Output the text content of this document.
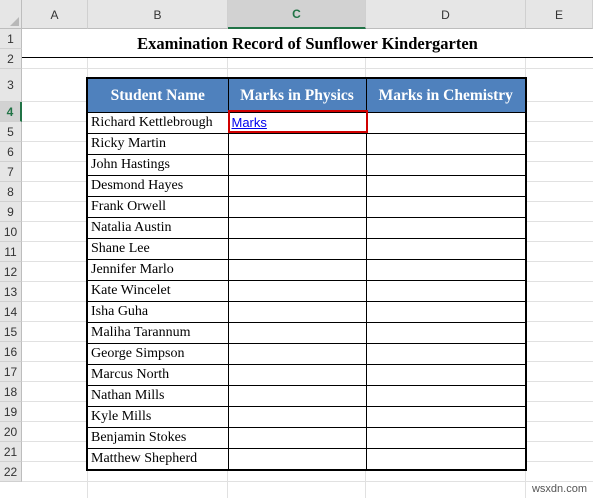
A	B	C	D	E
1
2
3
4
5
6
7
8
9
10
11
12
13
14
15
16
17
18
19
20
21
22
Examination Record of Sunflower Kindergarten
Student Name	Marks in Physics	Marks in Chemistry
Richard Kettlebrough	Marks	
Ricky Martin		
John Hastings		
Desmond Hayes		
Frank Orwell		
Natalia Austin		
Shane Lee		
Jennifer Marlo		
Kate Wincelet		
Isha Guha		
Maliha Tarannum		
George Simpson		
Marcus North		
Nathan Mills		
Kyle Mills		
Benjamin Stokes		
Matthew Shepherd		
wsxdn.com
